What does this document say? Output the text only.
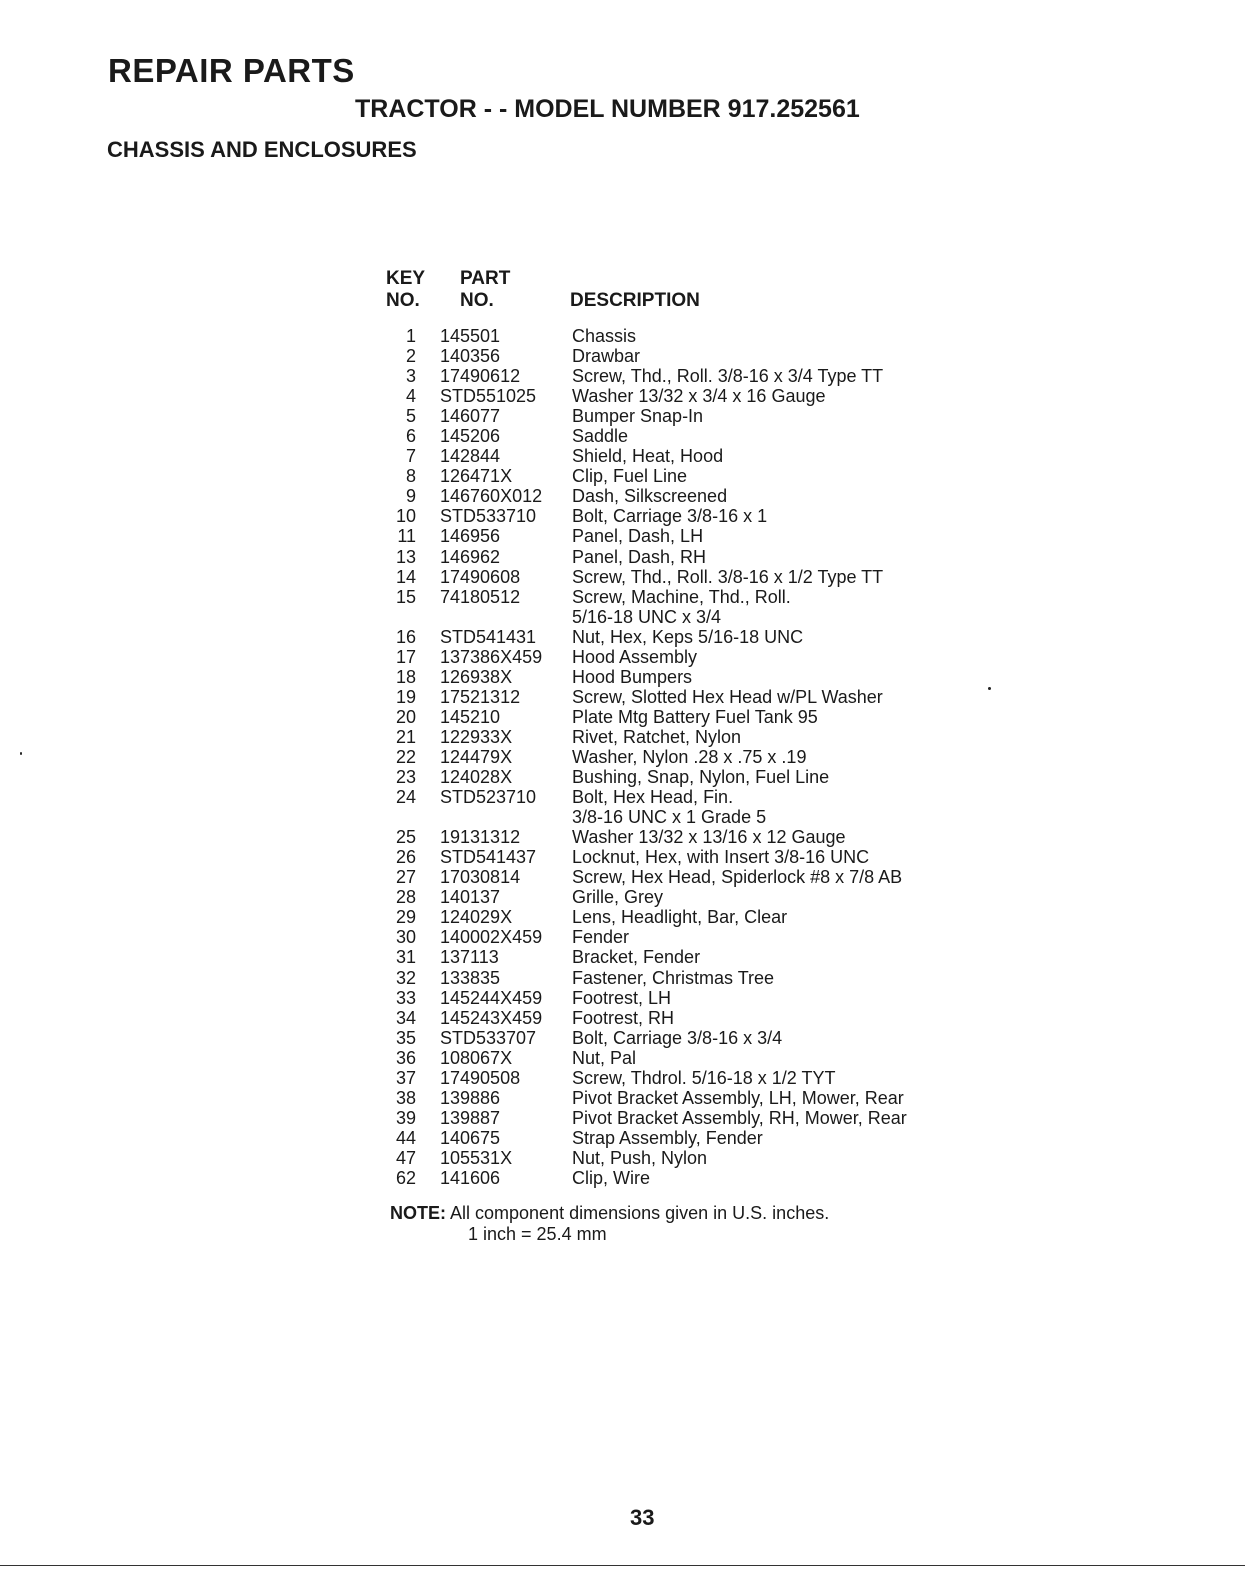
REPAIR PARTS
TRACTOR - - MODEL NUMBER 917.252561
CHASSIS AND ENCLOSURES
KEY
NO.
PART
NO.	DESCRIPTION
1 145501	Chassis
2 140356	Drawbar
3 17490612	Screw, Thd., Roll. 3/8-16 x 3/4 Type TT
4 STD551025 Washer 13/32 x 3/4 x 16 Gauge
5 146077	Bumper Snap-In
6 145206	Saddle
7 142844	Shield, Heat, Hood
8 126471X	Clip, Fuel Line
9 146760X012 Dash, Silkscreened
10 STD533710 Bolt, Carriage 3/8-16 x 1
11 146956	Panel, Dash, LH
13 146962	Panel, Dash, RH
14 17490608	Screw, Thd., Roll. 3/8-16 x 1/2 Type TT
15 74180512	Screw, Machine, Thd., Roll.
5/16-18 UNC x 3/4
16 STD541431 Nut, Hex, Keps 5/16-18 UNC
17 137386X459 Hood Assembly
18 126938X	Hood Bumpers
19 17521312	Screw, Slotted Hex Head w/PL Washer
20 145210	Plate Mtg Battery Fuel Tank 95
21 122933X	Rivet, Ratchet, Nylon
22 124479X	Washer, Nylon .28 x .75 x .19
23 124028X	Bushing, Snap, Nylon, Fuel Line
24 STD523710 Bolt, Hex Head, Fin.
3/8-16 UNC x 1 Grade 5
25 19131312	Washer 13/32 x 13/16 x 12 Gauge
26 STD541437 Locknut, Hex, with Insert 3/8-16 UNC
27 17030814	Screw, Hex Head, Spiderlock #8 x 7/8 AB
28 140137	Grille, Grey
29 124029X	Lens, Headlight, Bar, Clear
30 140002X459 Fender
31 137113	Bracket, Fender
32 133835	Fastener, Christmas Tree
33 145244X459 Footrest, LH
34 145243X459 Footrest, RH
35 STD533707 Bolt, Carriage 3/8-16 x 3/4
36 108067X	Nut, Pal
37 17490508	Screw, Thdrol. 5/16-18 x 1/2 TYT
38 139886	Pivot Bracket Assembly, LH, Mower, Rear
39 139887	Pivot Bracket Assembly, RH, Mower, Rear
44 140675	Strap Assembly, Fender
47 105531X	Nut, Push, Nylon
62 141606	Clip, Wire
NOTE: All component dimensions given in U.S. inches.
1 inch = 25.4 mm
33
